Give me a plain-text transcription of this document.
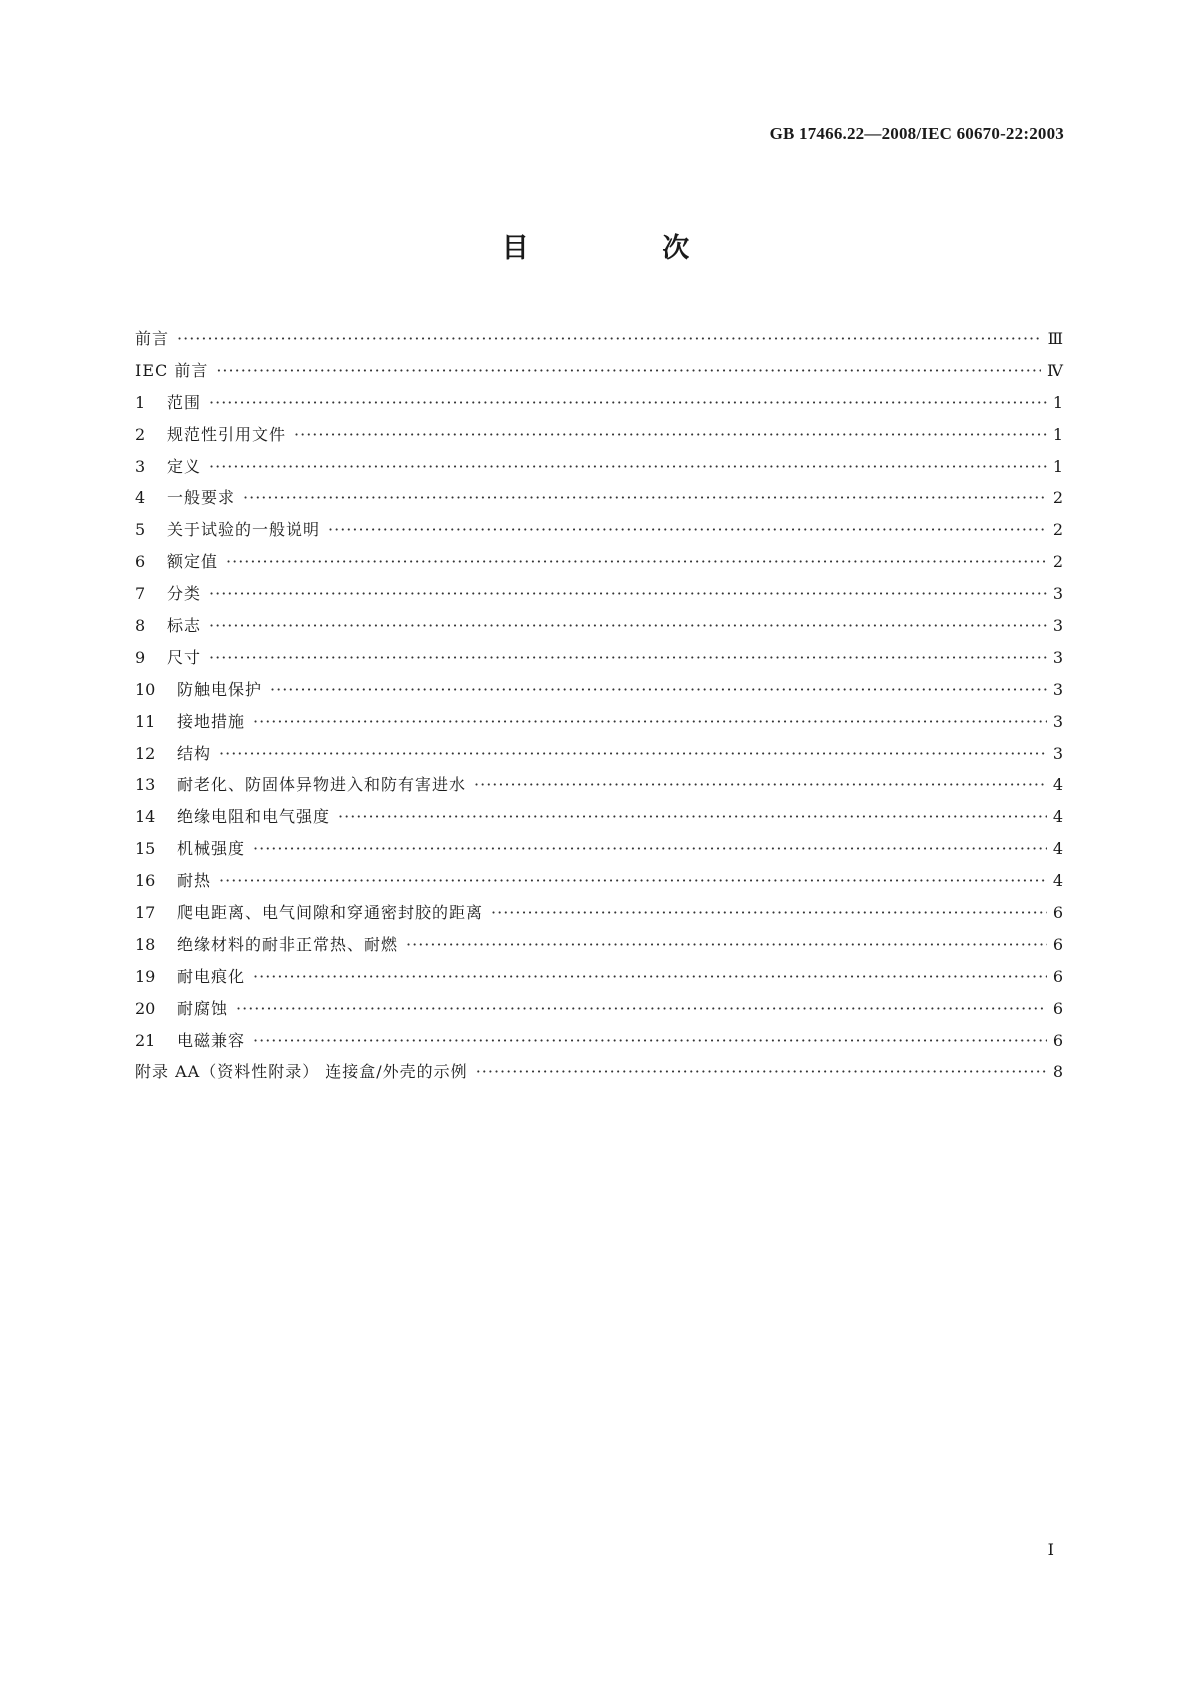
GB 17466.22—2008/IEC 60670-22:2003
目 次
前言 ·····	Ⅲ
IEC 前言 ·····	Ⅳ
1	范围 ·····	1
2	规范性引用文件 ·····	1
3	定义 ·····	1
4	一般要求 ·····	2
5	关于试验的一般说明 ·····	2
6	额定值 ·····	2
7	分类 ·····	3
8	标志 ·····	3
9	尺寸 ·····	3
10	防触电保护 ·····	3
11	接地措施 ·····	3
12	结构 ·····	3
13	耐老化、防固体异物进入和防有害进水 ·····	4
14	绝缘电阻和电气强度 ·····	4
15	机械强度 ·····	4
16	耐热 ·····	4
17	爬电距离、电气间隙和穿通密封胶的距离 ·····	6
18	绝缘材料的耐非正常热、耐燃 ·····	6
19	耐电痕化 ·····	6
20	耐腐蚀 ·····	6
21	电磁兼容 ·····	6
附录 AA（资料性附录） 连接盒/外壳的示例 ·····	8
I
